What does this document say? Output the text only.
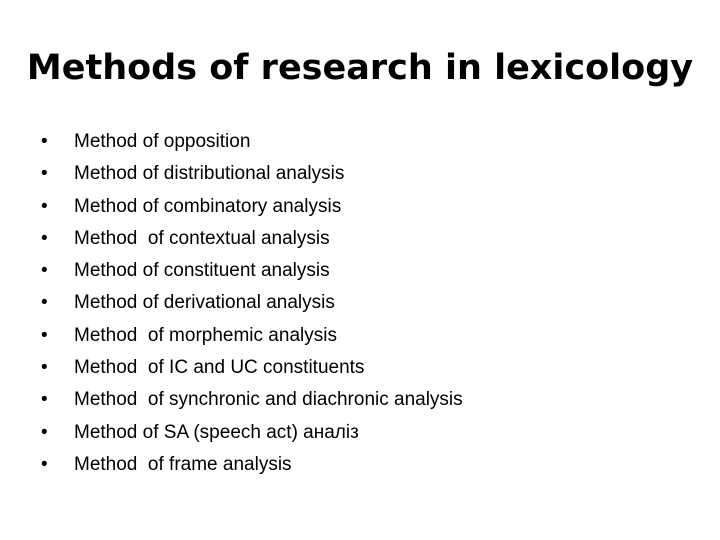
Methods of research in lexicology
•	Method of opposition
•	Method of distributional analysis
•	Method of combinatory analysis
•	Method  of contextual analysis
•	Method of constituent analysis
•	Method of derivational analysis
•	Method  of morphemic analysis
•	Method  of IC and UC constituents
•	Method  of synchronic and diachronic analysis
•	Method of SA (speech act) аналіз
•	Method  of frame analysis
